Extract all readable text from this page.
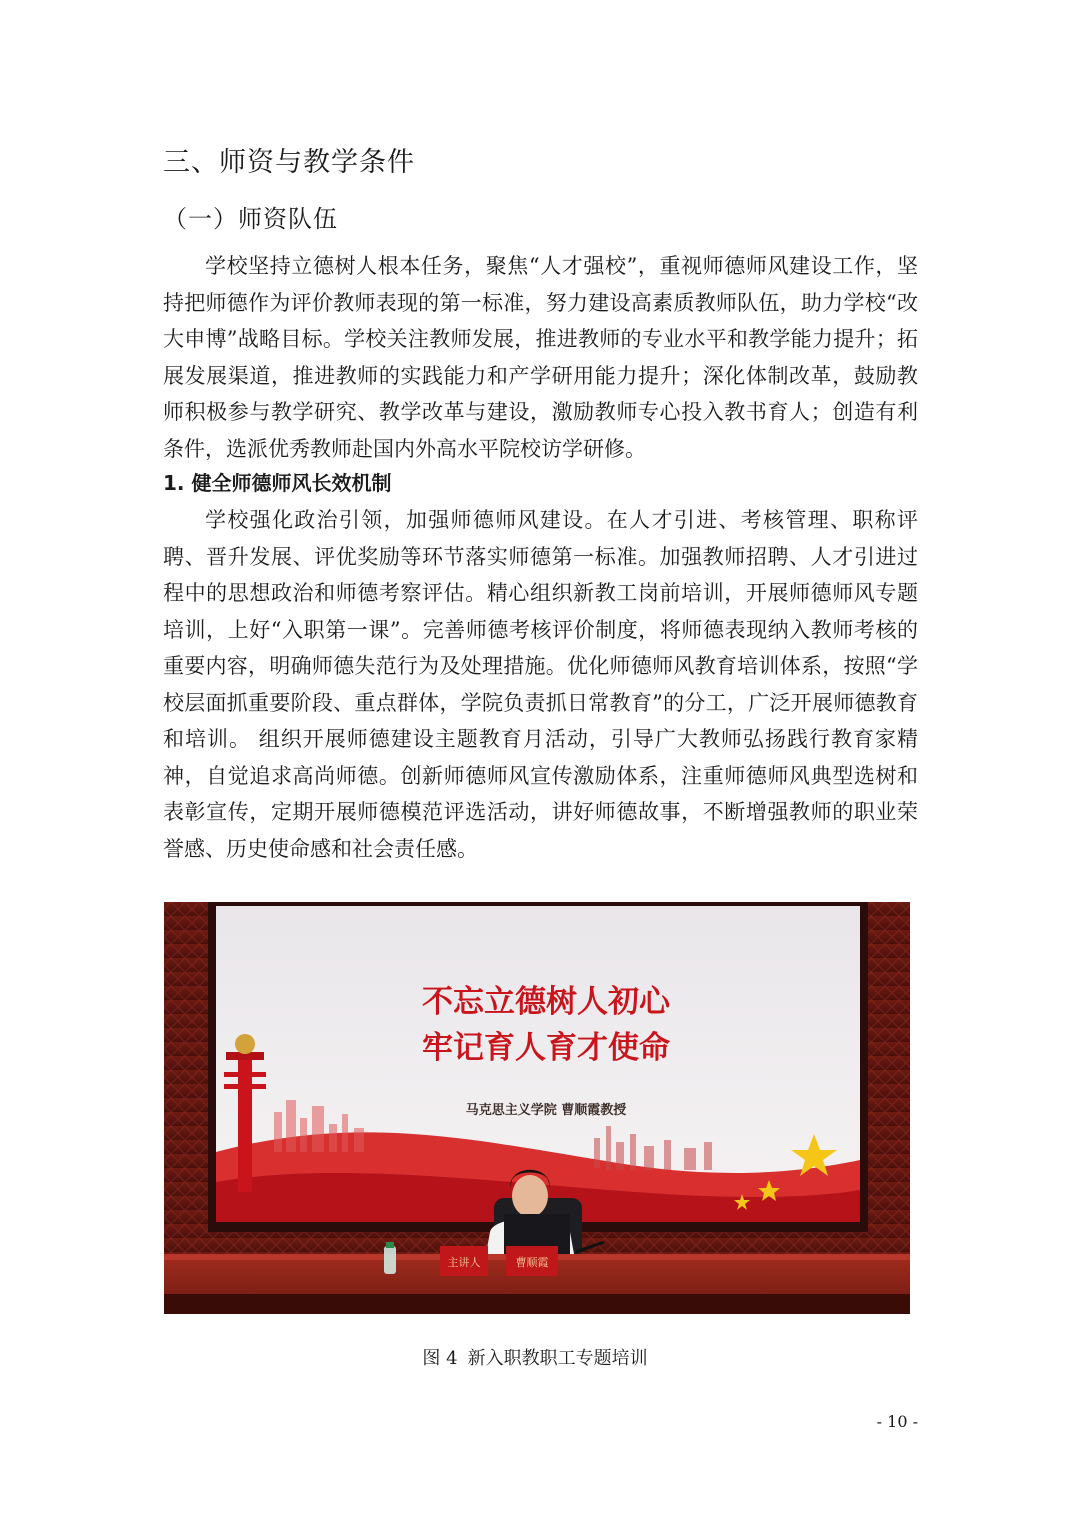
三、师资与教学条件
（一）师资队伍

学校坚持立德树人根本任务，聚焦“人才强校”，重视师德师风建设工作，坚持把师德作为评价教师表现的第一标准，努力建设高素质教师队伍，助力学校“改大申博”战略目标。学校关注教师发展，推进教师的专业水平和教学能力提升；拓展发展渠道，推进教师的实践能力和产学研用能力提升；深化体制改革，鼓励教师积极参与教学研究、教学改革与建设，激励教师专心投入教书育人；创造有利条件，选派优秀教师赴国内外高水平院校访学研修。

1. 健全师德师风长效机制

学校强化政治引领，加强师德师风建设。在人才引进、考核管理、职称评聘、晋升发展、评优奖励等环节落实师德第一标准。加强教师招聘、人才引进过程中的思想政治和师德考察评估。精心组织新教工岗前培训，开展师德师风专题培训，上好“入职第一课”。完善师德考核评价制度，将师德表现纳入教师考核的重要内容，明确师德失范行为及处理措施。优化师德师风教育培训体系，按照“学校层面抓重要阶段、重点群体，学院负责抓日常教育”的分工，广泛开展师德教育和培训。 组织开展师德建设主题教育月活动，引导广大教师弘扬践行教育家精神，自觉追求高尚师德。创新师德师风宣传激励体系，注重师德师风典型选树和表彰宣传，定期开展师德模范评选活动，讲好师德故事，不断增强教师的职业荣誉感、历史使命感和社会责任感。

不忘立德树人初心
牢记育人育才使命
马克思主义学院 曹顺霞教授
主讲人	曹顺霞
图 4 新入职教职工专题培训
- 10 -
